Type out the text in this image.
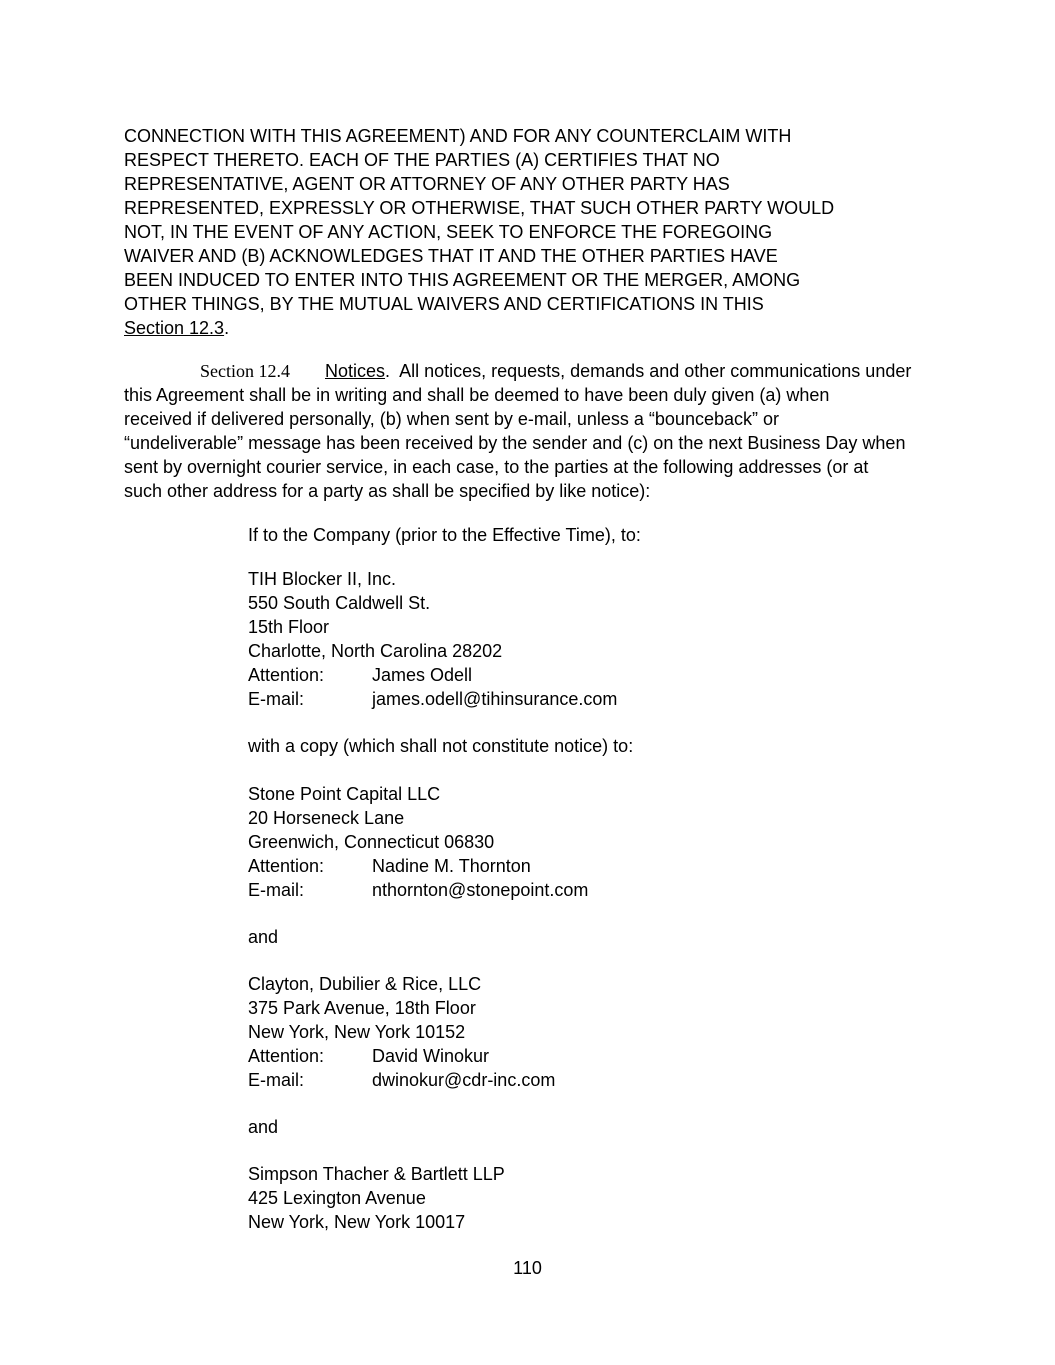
CONNECTION WITH THIS AGREEMENT) AND FOR ANY COUNTERCLAIM WITH
RESPECT THERETO. EACH OF THE PARTIES (A) CERTIFIES THAT NO
REPRESENTATIVE, AGENT OR ATTORNEY OF ANY OTHER PARTY HAS
REPRESENTED, EXPRESSLY OR OTHERWISE, THAT SUCH OTHER PARTY WOULD
NOT, IN THE EVENT OF ANY ACTION, SEEK TO ENFORCE THE FOREGOING
WAIVER AND (B) ACKNOWLEDGES THAT IT AND THE OTHER PARTIES HAVE
BEEN INDUCED TO ENTER INTO THIS AGREEMENT OR THE MERGER, AMONG
OTHER THINGS, BY THE MUTUAL WAIVERS AND CERTIFICATIONS IN THIS
Section 12.3.
Section 12.4 Notices. All notices, requests, demands and other communications under
this Agreement shall be in writing and shall be deemed to have been duly given (a) when
received if delivered personally, (b) when sent by e-mail, unless a “bounceback” or
“undeliverable” message has been received by the sender and (c) on the next Business Day when
sent by overnight courier service, in each case, to the parties at the following addresses (or at
such other address for a party as shall be specified by like notice):
If to the Company (prior to the Effective Time), to:
TIH Blocker II, Inc.
550 South Caldwell St.
15th Floor
Charlotte, North Carolina 28202
Attention:	James Odell
E-mail:	james.odell@tihinsurance.com
with a copy (which shall not constitute notice) to:
Stone Point Capital LLC
20 Horseneck Lane
Greenwich, Connecticut 06830
Attention:	Nadine M. Thornton
E-mail:	nthornton@stonepoint.com
and
Clayton, Dubilier & Rice, LLC
375 Park Avenue, 18th Floor
New York, New York 10152
Attention:	David Winokur
E-mail:	dwinokur@cdr-inc.com
and
Simpson Thacher & Bartlett LLP
425 Lexington Avenue
New York, New York 10017
110
